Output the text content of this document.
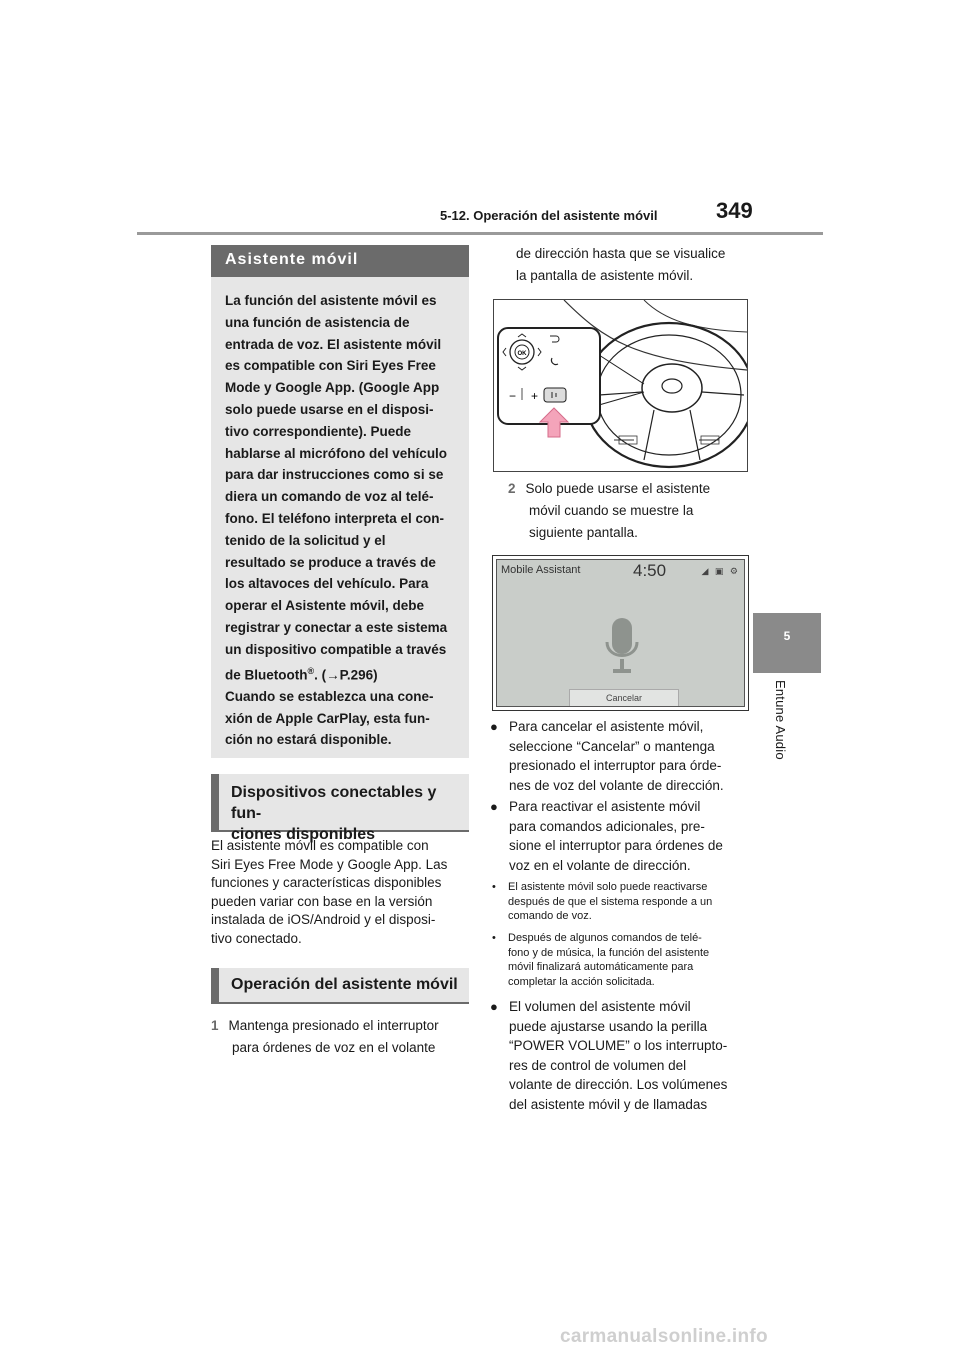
5-12. Operación del asistente móvil	349
5
Entune Audio
Asistente móvil
La función del asistente móvil es
una función de asistencia de
entrada de voz. El asistente móvil
es compatible con Siri Eyes Free
Mode y Google App. (Google App
solo puede usarse en el disposi-
tivo correspondiente). Puede
hablarse al micrófono del vehículo
para dar instrucciones como si se
diera un comando de voz al telé-
fono. El teléfono interpreta el con-
tenido de la solicitud y el
resultado se produce a través de
los altavoces del vehículo. Para
operar el Asistente móvil, debe
registrar y conectar a este sistema
un dispositivo compatible a través
de Bluetooth®. (→P.296)
Cuando se establezca una cone-
xión de Apple CarPlay, esta fun-
ción no estará disponible.
Dispositivos conectables y fun-
ciones disponibles
El asistente móvil es compatible con
Siri Eyes Free Mode y Google App. Las
funciones y características disponibles
pueden variar con base en la versión
instalada de iOS/Android y el disposi-
tivo conectado.
Operación del asistente móvil
1 Mantenga presionado el interruptor
para órdenes de voz en el volante
de dirección hasta que se visualice
la pantalla de asistente móvil.
OK
− +
2 Solo puede usarse el asistente
móvil cuando se muestre la
siguiente pantalla.
Mobile Assistant	4:50	◢ ▣ ⚙
Cancelar
● Para cancelar el asistente móvil,
seleccione “Cancelar” o mantenga
presionado el interruptor para órde-
nes de voz del volante de dirección.
● Para reactivar el asistente móvil
para comandos adicionales, pre-
sione el interruptor para órdenes de
voz en el volante de dirección.
• El asistente móvil solo puede reactivarse
después de que el sistema responde a un
comando de voz.
• Después de algunos comandos de telé-
fono y de música, la función del asistente
móvil finalizará automáticamente para
completar la acción solicitada.
● El volumen del asistente móvil
puede ajustarse usando la perilla
“POWER VOLUME” o los interrupto-
res de control de volumen del
volante de dirección. Los volúmenes
del asistente móvil y de llamadas
carmanualsonline.info
